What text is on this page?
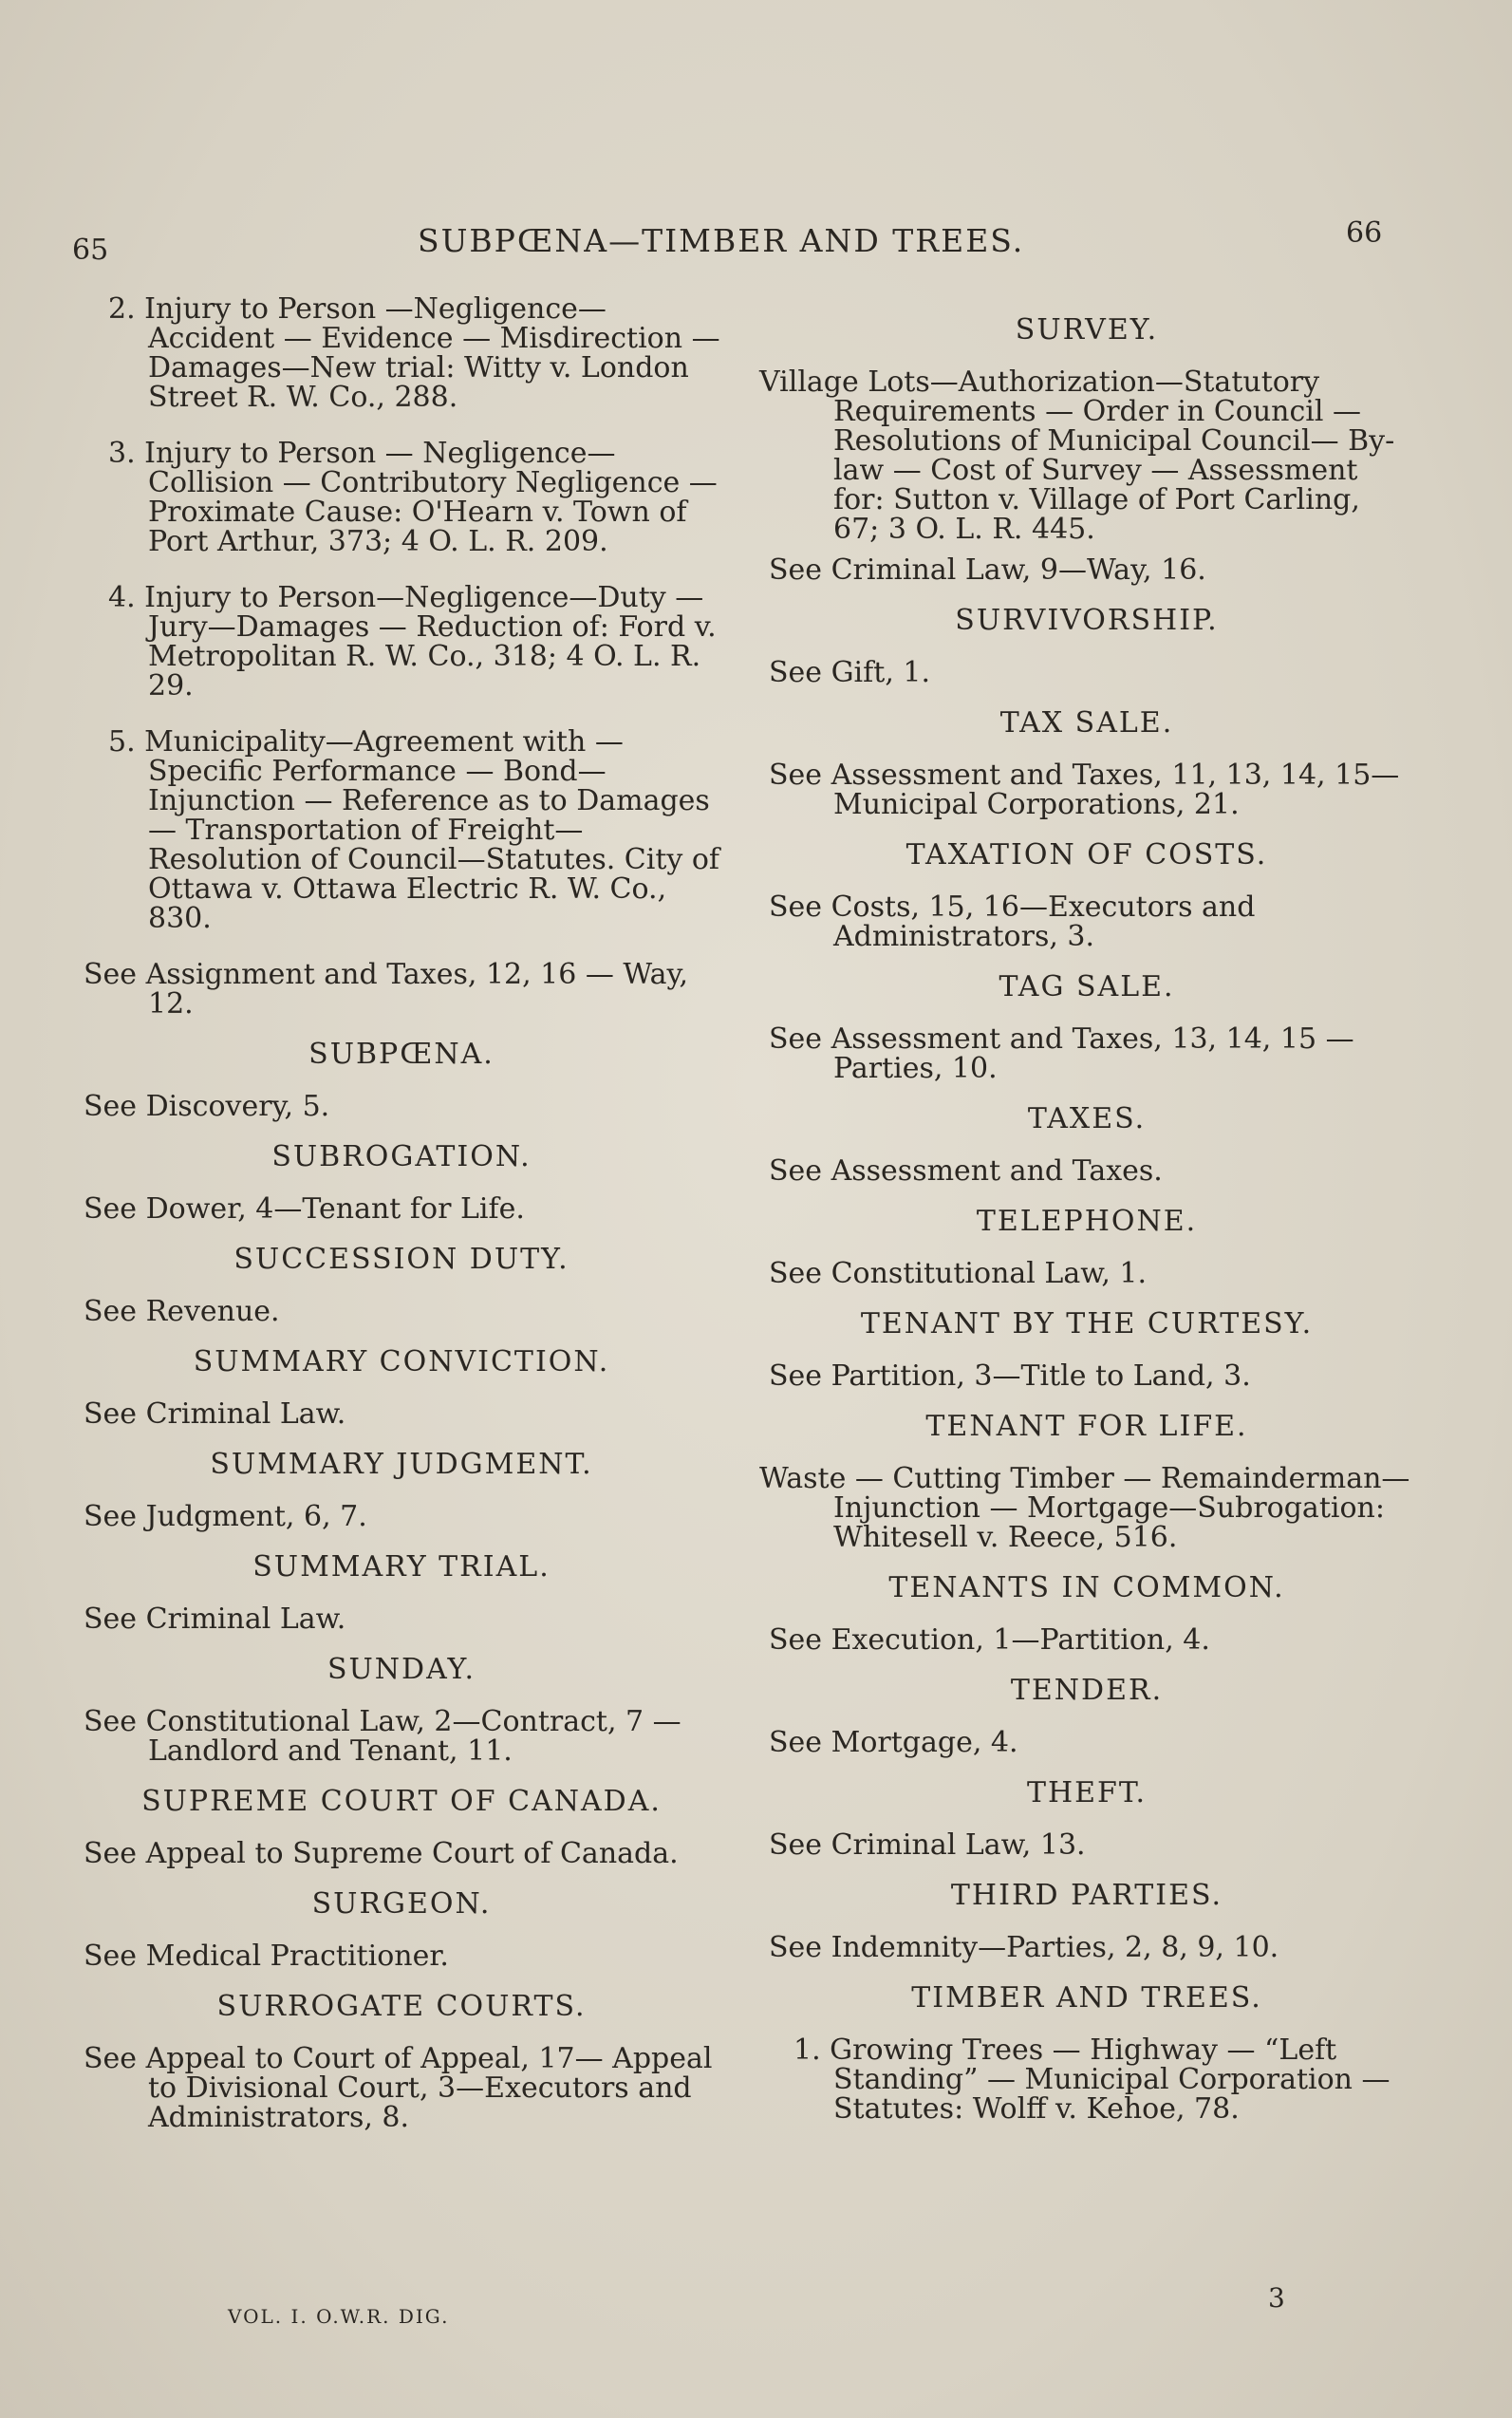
65	SUBPŒNA—TIMBER AND TREES.	66

2. Injury to Person —Negligence—Accident — Evidence — Misdirection — Damages—New trial: Witty v. London Street R. W. Co., 288.

3. Injury to Person — Negligence—Collision — Contributory Negligence — Proximate Cause: O'Hearn v. Town of Port Arthur, 373; 4 O. L. R. 209.

4. Injury to Person—Negligence—Duty —Jury—Damages — Reduction of: Ford v. Metropolitan R. W. Co., 318; 4 O. L. R. 29.

5. Municipality—Agreement with — Specific Performance — Bond—Injunction — Reference as to Damages — Transportation of Freight—Resolution of Council—Statutes. City of Ottawa v. Ottawa Electric R. W. Co., 830.

See Assignment and Taxes, 12, 16 — Way, 12.

SUBPŒNA.

See Discovery, 5.

SUBROGATION.

See Dower, 4—Tenant for Life.

SUCCESSION DUTY.

See Revenue.

SUMMARY CONVICTION.

See Criminal Law.

SUMMARY JUDGMENT.

See Judgment, 6, 7.

SUMMARY TRIAL.

See Criminal Law.

SUNDAY.

See Constitutional Law, 2—Contract, 7 —Landlord and Tenant, 11.

SUPREME COURT OF CANADA.

See Appeal to Supreme Court of Canada.

SURGEON.

See Medical Practitioner.

SURROGATE COURTS.

See Appeal to Court of Appeal, 17— Appeal to Divisional Court, 3—Executors and Administrators, 8.

SURVEY.

Village Lots—Authorization—Statutory Requirements — Order in Council — Resolutions of Municipal Council— By-law — Cost of Survey — Assessment for: Sutton v. Village of Port Carling, 67; 3 O. L. R. 445.

See Criminal Law, 9—Way, 16.

SURVIVORSHIP.

See Gift, 1.

TAX SALE.

See Assessment and Taxes, 11, 13, 14, 15—Municipal Corporations, 21.

TAXATION OF COSTS.

See Costs, 15, 16—Executors and Administrators, 3.

TAG SALE.

See Assessment and Taxes, 13, 14, 15 —Parties, 10.

TAXES.

See Assessment and Taxes.

TELEPHONE.

See Constitutional Law, 1.

TENANT BY THE CURTESY.

See Partition, 3—Title to Land, 3.

TENANT FOR LIFE.

Waste — Cutting Timber — Remainderman—Injunction — Mortgage—Subrogation: Whitesell v. Reece, 516.

TENANTS IN COMMON.

See Execution, 1—Partition, 4.

TENDER.

See Mortgage, 4.

THEFT.

See Criminal Law, 13.

THIRD PARTIES.

See Indemnity—Parties, 2, 8, 9, 10.

TIMBER AND TREES.

1. Growing Trees — Highway — “Left Standing” — Municipal Corporation —Statutes: Wolff v. Kehoe, 78.

VOL. I. O.W.R. DIG.
3
